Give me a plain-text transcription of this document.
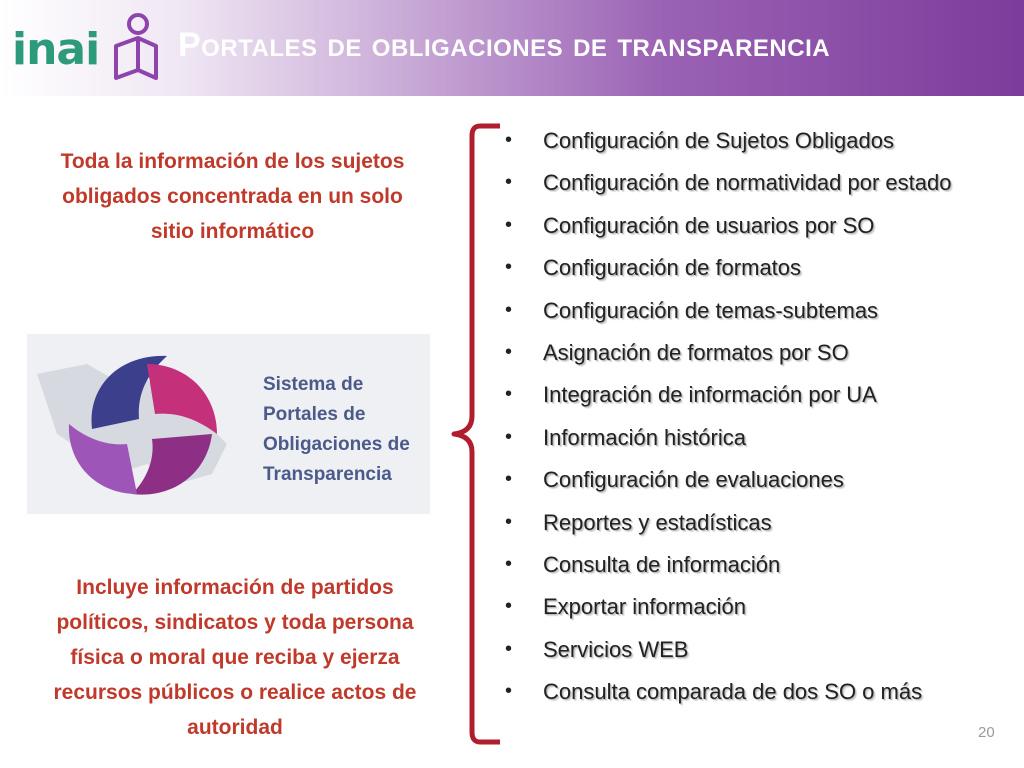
inai Portales de obligaciones de transparencia
Toda la información de los sujetos obligados concentrada en un solo sitio informático
Sistema de
Portales de
Obligaciones de
Transparencia
Incluye información de partidos políticos, sindicatos y toda persona física o moral que reciba y ejerza recursos públicos o realice actos de autoridad
• Configuración de Sujetos Obligados
• Configuración de normatividad por estado
• Configuración de usuarios por SO
• Configuración de formatos
• Configuración de temas-subtemas
• Asignación de formatos por SO
• Integración de información por UA
• Información histórica
• Configuración de evaluaciones
• Reportes y estadísticas
• Consulta de información
• Exportar información
• Servicios WEB
• Consulta comparada de dos SO o más
20
